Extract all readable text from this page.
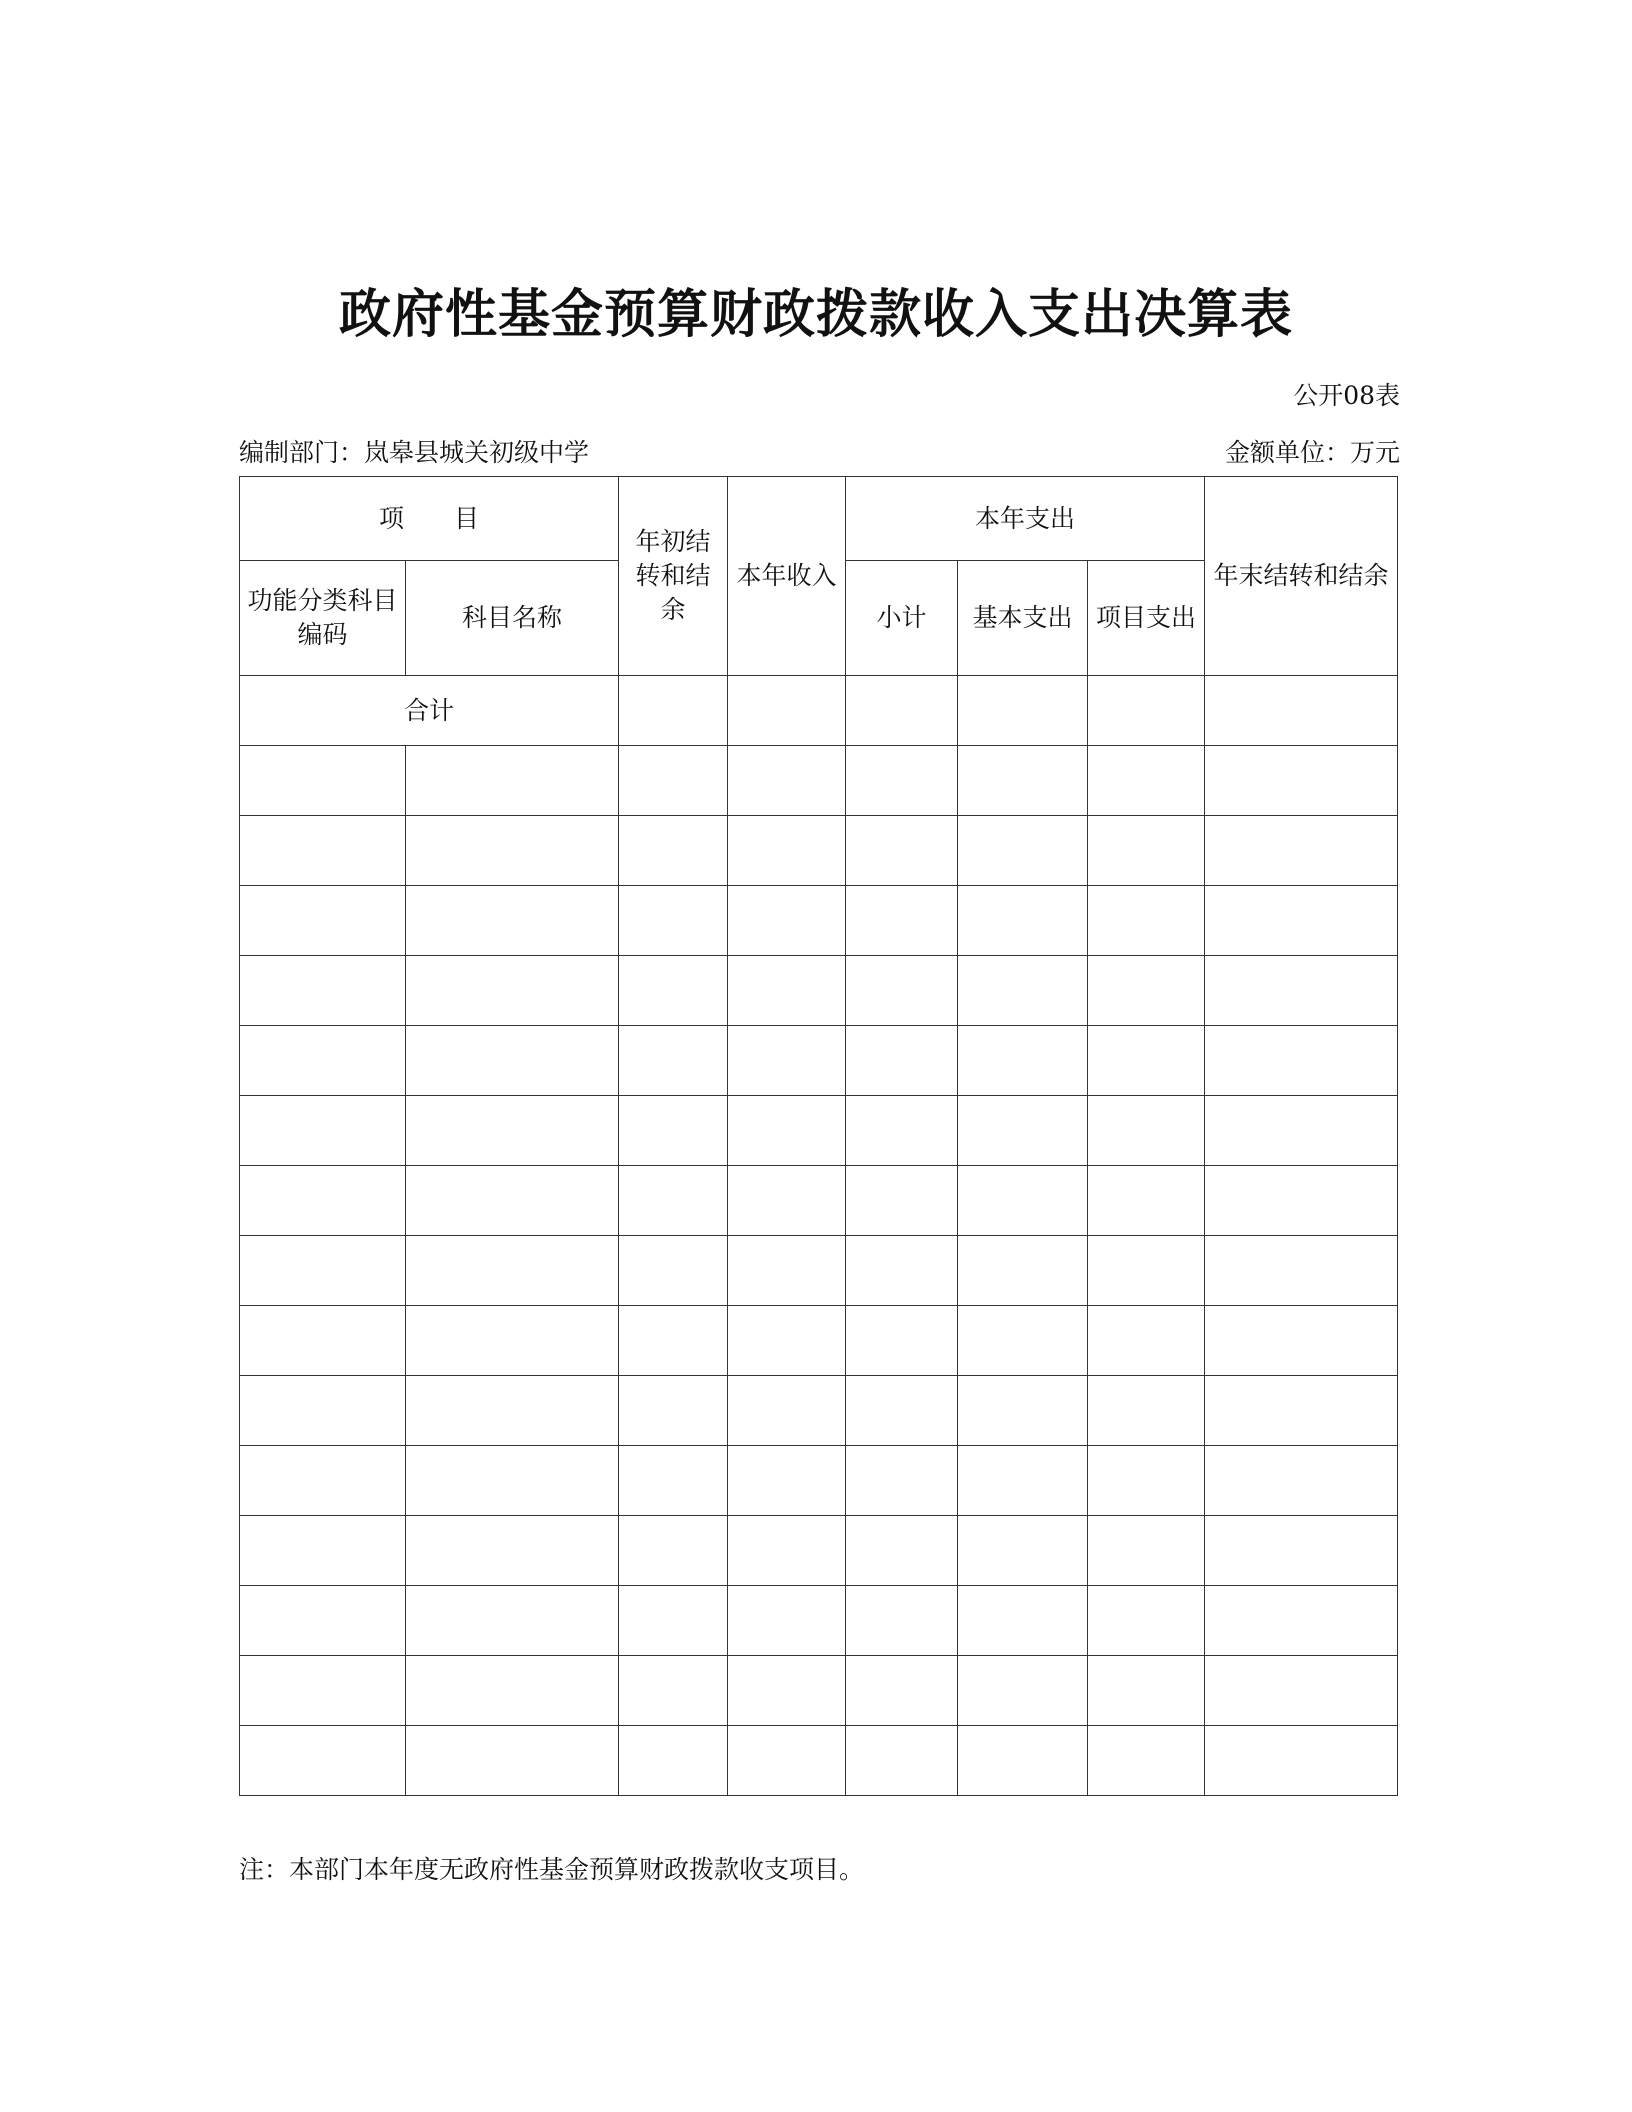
政府性基金预算财政拨款收入支出决算表
公开08表
编制部门：岚皋县城关初级中学	金额单位：万元
项　　目		年初结转和结余	本年收入	本年支出			年末结转和结余
功能分类科目编码	科目名称			小计	基本支出	项目支出	
合计							

注：本部门本年度无政府性基金预算财政拨款收支项目。
